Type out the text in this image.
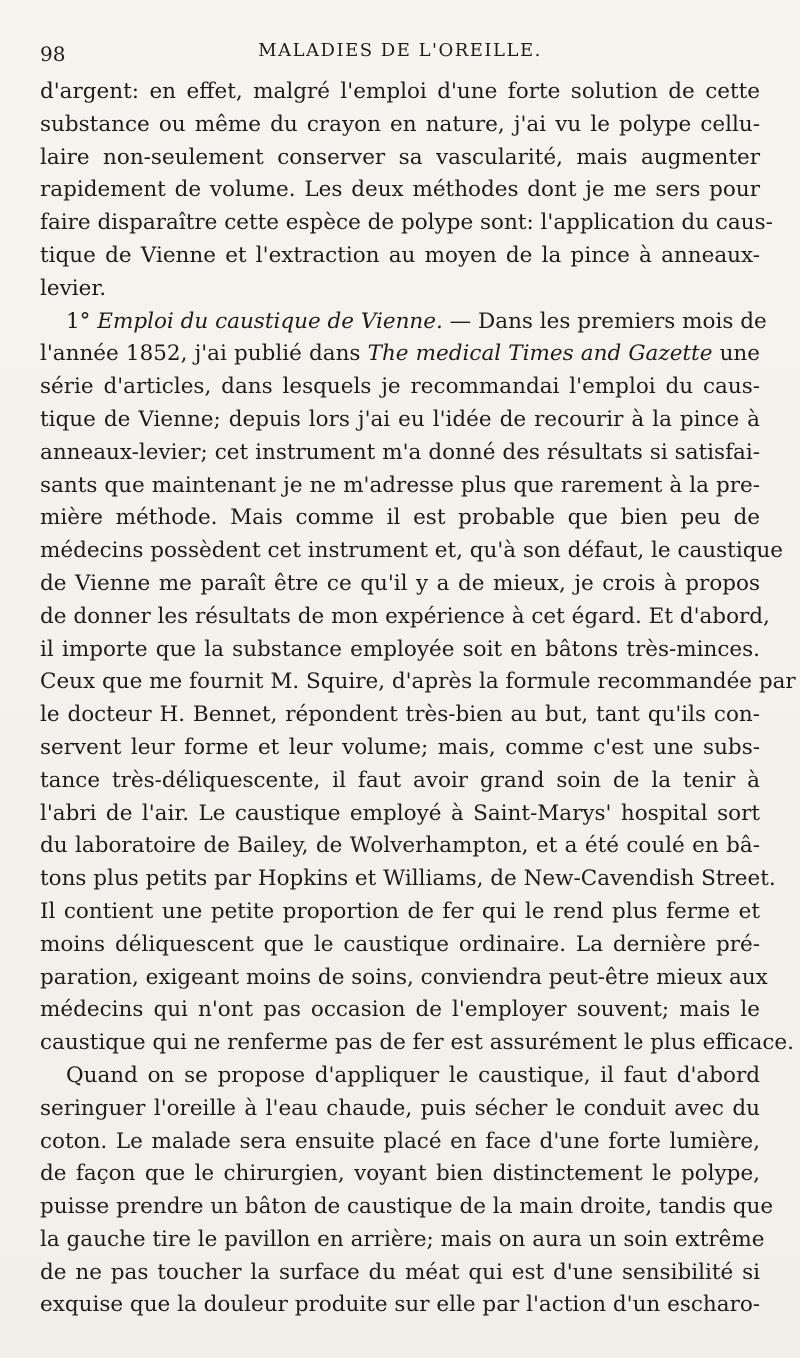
98	MALADIES DE L'OREILLE.
d'argent: en effet, malgré l'emploi d'une forte solution de cette
substance ou même du crayon en nature, j'ai vu le polype cellu-
laire non-seulement conserver sa vascularité, mais augmenter
rapidement de volume. Les deux méthodes dont je me sers pour
faire disparaître cette espèce de polype sont: l'application du caus-
tique de Vienne et l'extraction au moyen de la pince à anneaux-
levier.
1° Emploi du caustique de Vienne. — Dans les premiers mois de
l'année 1852, j'ai publié dans The medical Times and Gazette une
série d'articles, dans lesquels je recommandai l'emploi du caus-
tique de Vienne; depuis lors j'ai eu l'idée de recourir à la pince à
anneaux-levier; cet instrument m'a donné des résultats si satisfai-
sants que maintenant je ne m'adresse plus que rarement à la pre-
mière méthode. Mais comme il est probable que bien peu de
médecins possèdent cet instrument et, qu'à son défaut, le caustique
de Vienne me paraît être ce qu'il y a de mieux, je crois à propos
de donner les résultats de mon expérience à cet égard. Et d'abord,
il importe que la substance employée soit en bâtons très-minces.
Ceux que me fournit M. Squire, d'après la formule recommandée par
le docteur H. Bennet, répondent très-bien au but, tant qu'ils con-
servent leur forme et leur volume; mais, comme c'est une subs-
tance très-déliquescente, il faut avoir grand soin de la tenir à
l'abri de l'air. Le caustique employé à Saint-Marys' hospital sort
du laboratoire de Bailey, de Wolverhampton, et a été coulé en bâ-
tons plus petits par Hopkins et Williams, de New-Cavendish Street.
Il contient une petite proportion de fer qui le rend plus ferme et
moins déliquescent que le caustique ordinaire. La dernière pré-
paration, exigeant moins de soins, conviendra peut-être mieux aux
médecins qui n'ont pas occasion de l'employer souvent; mais le
caustique qui ne renferme pas de fer est assurément le plus efficace.
Quand on se propose d'appliquer le caustique, il faut d'abord
seringuer l'oreille à l'eau chaude, puis sécher le conduit avec du
coton. Le malade sera ensuite placé en face d'une forte lumière,
de façon que le chirurgien, voyant bien distinctement le polype,
puisse prendre un bâton de caustique de la main droite, tandis que
la gauche tire le pavillon en arrière; mais on aura un soin extrême
de ne pas toucher la surface du méat qui est d'une sensibilité si
exquise que la douleur produite sur elle par l'action d'un escharo-
